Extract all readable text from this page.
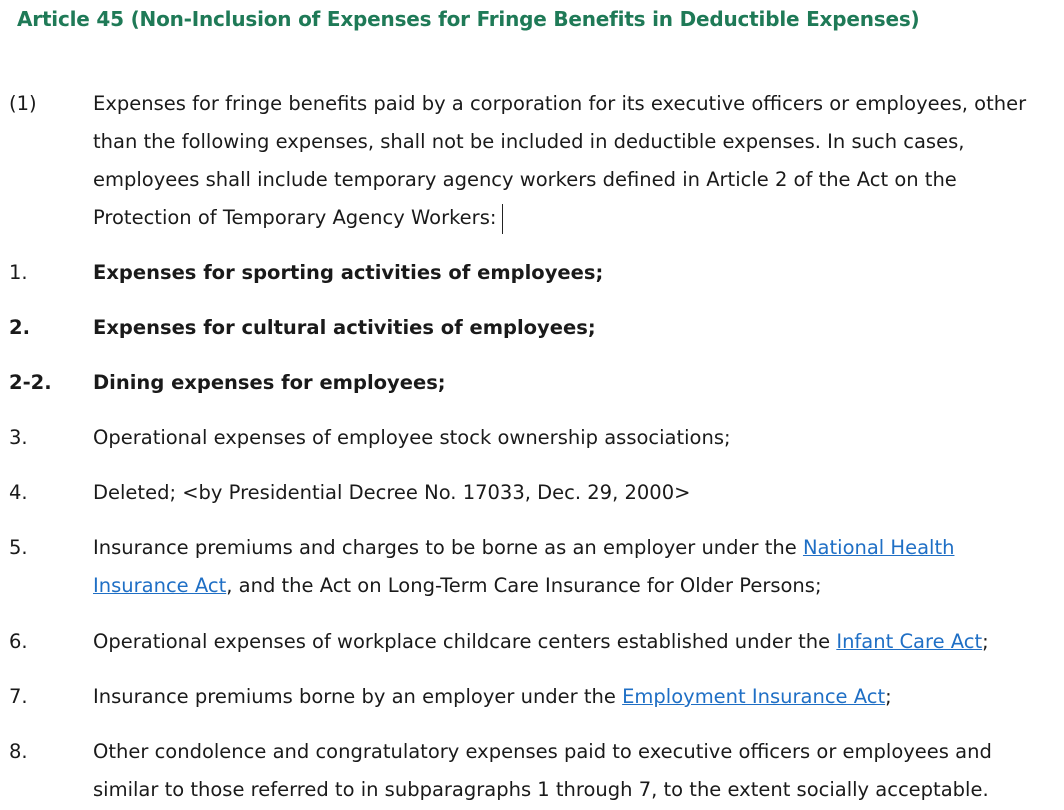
Article 45 (Non-Inclusion of Expenses for Fringe Benefits in Deductible Expenses)
(1)	Expenses for fringe benefits paid by a corporation for its executive officers or employees, other
than the following expenses, shall not be included in deductible expenses. In such cases,
employees shall include temporary agency workers defined in Article 2 of the Act on the
Protection of Temporary Agency Workers:
1.	Expenses for sporting activities of employees;
2.	Expenses for cultural activities of employees;
2-2. Dining expenses for employees;
3.	Operational expenses of employee stock ownership associations;
4.	Deleted; <by Presidential Decree No. 17033, Dec. 29, 2000>
5.	Insurance premiums and charges to be borne as an employer under the National Health
Insurance Act, and the Act on Long-Term Care Insurance for Older Persons;
6.	Operational expenses of workplace childcare centers established under the Infant Care Act;
7.	Insurance premiums borne by an employer under the Employment Insurance Act;
8.	Other condolence and congratulatory expenses paid to executive officers or employees and
similar to those referred to in subparagraphs 1 through 7, to the extent socially acceptable.
